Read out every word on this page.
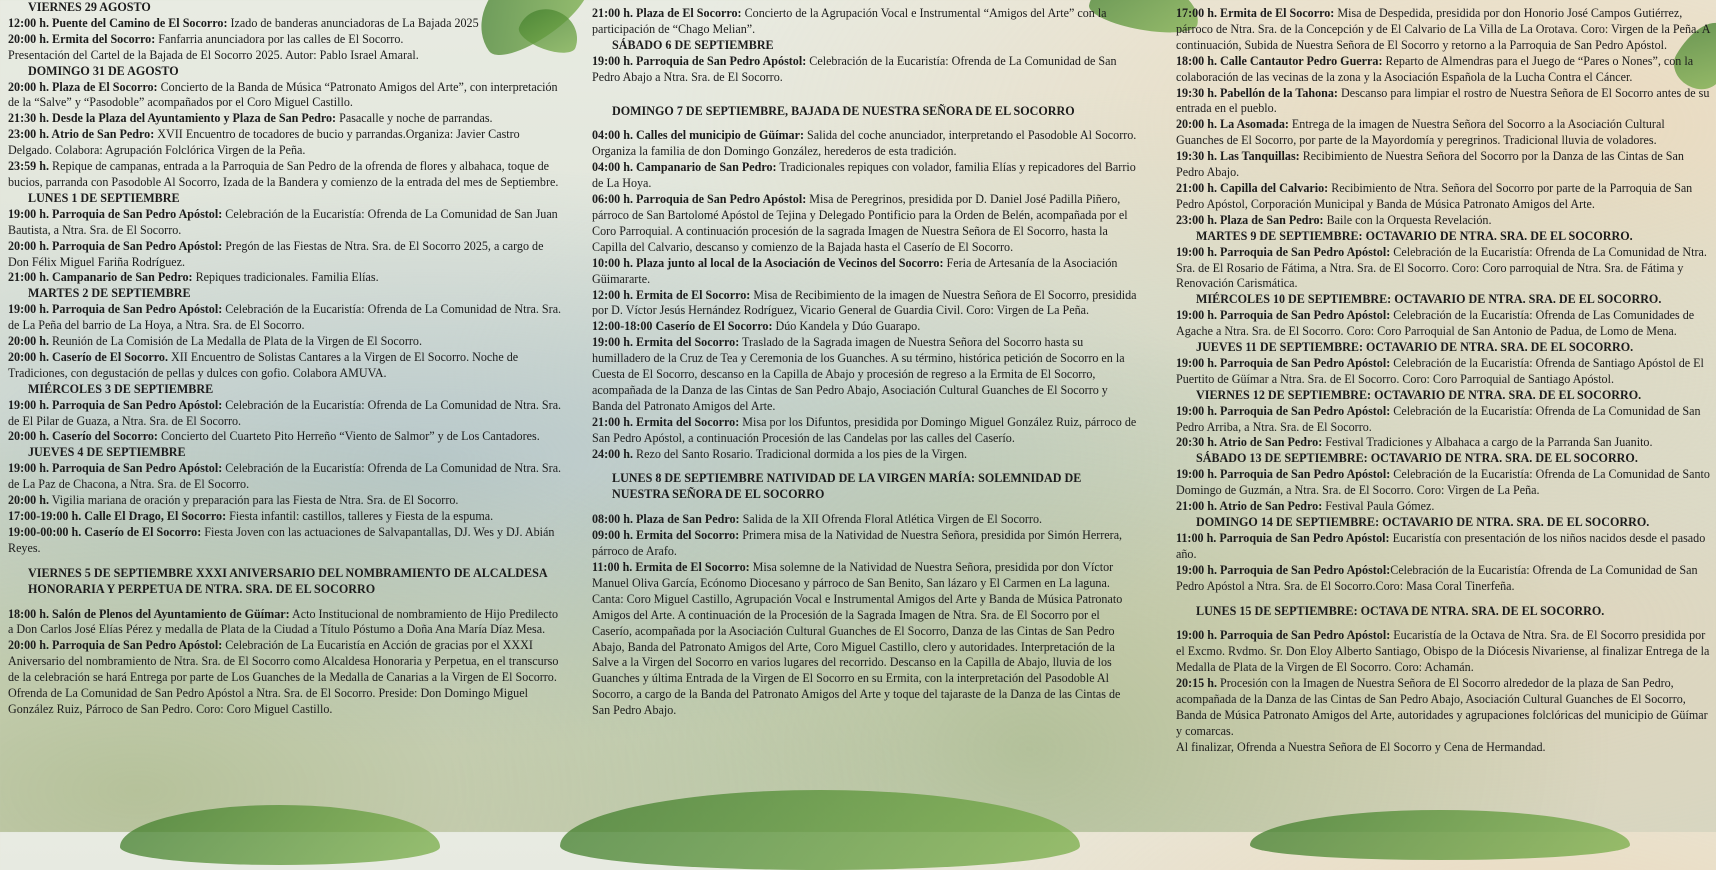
VIERNES 29 AGOSTO

12:00 h. Puente del Camino de El Socorro: Izado de banderas anunciadoras de La Bajada 2025

20:00 h. Ermita del Socorro: Fanfarria anunciadora por las calles de El Socorro.

Presentación del Cartel de la Bajada de El Socorro 2025. Autor: Pablo Israel Amaral.

DOMINGO 31 DE AGOSTO

20:00 h. Plaza de El Socorro: Concierto de la Banda de Música “Patronato Amigos del Arte”, con interpretación de la “Salve” y “Pasodoble” acompañados por el Coro Miguel Castillo.

21:30 h. Desde la Plaza del Ayuntamiento y Plaza de San Pedro: Pasacalle y noche de parrandas.

23:00 h. Atrio de San Pedro: XVII Encuentro de tocadores de bucio y parrandas.Organiza: Javier Castro Delgado. Colabora: Agrupación Folclórica Virgen de la Peña.

23:59 h. Repique de campanas, entrada a la Parroquia de San Pedro de la ofrenda de flores y albahaca, toque de bucios, parranda con Pasodoble Al Socorro, Izada de la Bandera y comienzo de la entrada del mes de Septiembre.

LUNES 1 DE SEPTIEMBRE

19:00 h. Parroquia de San Pedro Apóstol: Celebración de la Eucaristía: Ofrenda de La Comunidad de San Juan Bautista, a Ntra. Sra. de El Socorro.

20:00 h. Parroquia de San Pedro Apóstol: Pregón de las Fiestas de Ntra. Sra. de El Socorro 2025, a cargo de Don Félix Miguel Fariña Rodríguez.

21:00 h. Campanario de San Pedro: Repiques tradicionales. Familia Elías.

MARTES 2 DE SEPTIEMBRE

19:00 h. Parroquia de San Pedro Apóstol: Celebración de la Eucaristía: Ofrenda de La Comunidad de Ntra. Sra. de La Peña del barrio de La Hoya, a Ntra. Sra. de El Socorro.

20:00 h. Reunión de La Comisión de La Medalla de Plata de la Virgen de El Socorro.

20:00 h. Caserío de El Socorro. XII Encuentro de Solistas Cantares a la Virgen de El Socorro. Noche de Tradiciones, con degustación de pellas y dulces con gofio. Colabora AMUVA.

MIÉRCOLES 3 DE SEPTIEMBRE

19:00 h. Parroquia de San Pedro Apóstol: Celebración de la Eucaristía: Ofrenda de La Comunidad de Ntra. Sra. de El Pilar de Guaza, a Ntra. Sra. de El Socorro.

20:00 h. Caserío del Socorro: Concierto del Cuarteto Pito Herreño “Viento de Salmor” y de Los Cantadores.

JUEVES 4 DE SEPTIEMBRE

19:00 h. Parroquia de San Pedro Apóstol: Celebración de la Eucaristía: Ofrenda de La Comunidad de Ntra. Sra. de La Paz de Chacona, a Ntra. Sra. de El Socorro.

20:00 h. Vigilia mariana de oración y preparación para las Fiesta de Ntra. Sra. de El Socorro.

17:00-19:00 h. Calle El Drago, El Socorro: Fiesta infantil: castillos, talleres y Fiesta de la espuma.

19:00-00:00 h. Caserío de El Socorro: Fiesta Joven con las actuaciones de Salvapantallas, DJ. Wes y DJ. Abián Reyes.

VIERNES 5 DE SEPTIEMBRE XXXI ANIVERSARIO DEL NOMBRAMIENTO DE ALCALDESA HONORARIA Y PERPETUA DE NTRA. SRA. DE EL SOCORRO

18:00 h. Salón de Plenos del Ayuntamiento de Güímar: Acto Institucional de nombramiento de Hijo Predilecto a Don Carlos José Elías Pérez y medalla de Plata de la Ciudad a Título Póstumo a Doña Ana María Díaz Mesa.

20:00 h. Parroquia de San Pedro Apóstol: Celebración de La Eucaristía en Acción de gracias por el XXXI Aniversario del nombramiento de Ntra. Sra. de El Socorro como Alcaldesa Honoraria y Perpetua, en el transcurso de la celebración se hará Entrega por parte de Los Guanches de la Medalla de Canarias a la Virgen de El Socorro. Ofrenda de La Comunidad de San Pedro Apóstol a Ntra. Sra. de El Socorro. Preside: Don Domingo Miguel González Ruiz, Párroco de San Pedro. Coro: Coro Miguel Castillo.

21:00 h. Plaza de El Socorro: Concierto de la Agrupación Vocal e Instrumental “Amigos del Arte” con la participación de “Chago Melian”.

SÁBADO 6 DE SEPTIEMBRE

19:00 h. Parroquia de San Pedro Apóstol: Celebración de la Eucaristía: Ofrenda de La Comunidad de San Pedro Abajo a Ntra. Sra. de El Socorro.

DOMINGO 7 DE SEPTIEMBRE, BAJADA DE NUESTRA SEÑORA DE EL SOCORRO

04:00 h. Calles del municipio de Güímar: Salida del coche anunciador, interpretando el Pasodoble Al Socorro. Organiza la familia de don Domingo González, herederos de esta tradición.

04:00 h. Campanario de San Pedro: Tradicionales repiques con volador, familia Elías y repicadores del Barrio de La Hoya.

06:00 h. Parroquia de San Pedro Apóstol: Misa de Peregrinos, presidida por D. Daniel José Padilla Piñero, párroco de San Bartolomé Apóstol de Tejina y Delegado Pontificio para la Orden de Belén, acompañada por el Coro Parroquial. A continuación procesión de la sagrada Imagen de Nuestra Señora de El Socorro, hasta la Capilla del Calvario, descanso y comienzo de la Bajada hasta el Caserío de El Socorro.

10:00 h. Plaza junto al local de la Asociación de Vecinos del Socorro: Feria de Artesanía de la Asociación Güimararte.

12:00 h. Ermita de El Socorro: Misa de Recibimiento de la imagen de Nuestra Señora de El Socorro, presidida por D. Víctor Jesús Hernández Rodríguez, Vicario General de Guardia Civil. Coro: Virgen de La Peña.

12:00-18:00 Caserío de El Socorro: Dúo Kandela y Dúo Guarapo.

19:00 h. Ermita del Socorro: Traslado de la Sagrada imagen de Nuestra Señora del Socorro hasta su humilladero de la Cruz de Tea y Ceremonia de los Guanches. A su término, histórica petición de Socorro en la Cuesta de El Socorro, descanso en la Capilla de Abajo y procesión de regreso a la Ermita de El Socorro, acompañada de la Danza de las Cintas de San Pedro Abajo, Asociación Cultural Guanches de El Socorro y Banda del Patronato Amigos del Arte.

21:00 h. Ermita del Socorro: Misa por los Difuntos, presidida por Domingo Miguel González Ruiz, párroco de San Pedro Apóstol, a continuación Procesión de las Candelas por las calles del Caserío.

24:00 h. Rezo del Santo Rosario. Tradicional dormida a los pies de la Virgen.

LUNES 8 DE SEPTIEMBRE NATIVIDAD DE LA VIRGEN MARÍA: SOLEMNIDAD DE NUESTRA SEÑORA DE EL SOCORRO

08:00 h. Plaza de San Pedro: Salida de la XII Ofrenda Floral Atlética Virgen de El Socorro.

09:00 h. Ermita del Socorro: Primera misa de la Natividad de Nuestra Señora, presidida por Simón Herrera, párroco de Arafo.

11:00 h. Ermita de El Socorro: Misa solemne de la Natividad de Nuestra Señora, presidida por don Víctor Manuel Oliva García, Ecónomo Diocesano y párroco de San Benito, San lázaro y El Carmen en La laguna.

Canta: Coro Miguel Castillo, Agrupación Vocal e Instrumental Amigos del Arte y Banda de Música Patronato Amigos del Arte. A continuación de la Procesión de la Sagrada Imagen de Ntra. Sra. de El Socorro por el Caserío, acompañada por la Asociación Cultural Guanches de El Socorro, Danza de las Cintas de San Pedro Abajo, Banda del Patronato Amigos del Arte, Coro Miguel Castillo, clero y autoridades. Interpretación de la Salve a la Virgen del Socorro en varios lugares del recorrido. Descanso en la Capilla de Abajo, lluvia de los Guanches y última Entrada de la Virgen de El Socorro en su Ermita, con la interpretación del Pasodoble Al Socorro, a cargo de la Banda del Patronato Amigos del Arte y toque del tajaraste de la Danza de las Cintas de San Pedro Abajo.

17:00 h. Ermita de El Socorro: Misa de Despedida, presidida por don Honorio José Campos Gutiérrez, párroco de Ntra. Sra. de la Concepción y de El Calvario de La Villa de La Orotava. Coro: Virgen de la Peña. A continuación, Subida de Nuestra Señora de El Socorro y retorno a la Parroquia de San Pedro Apóstol.

18:00 h. Calle Cantautor Pedro Guerra: Reparto de Almendras para el Juego de “Pares o Nones”, con la colaboración de las vecinas de la zona y la Asociación Española de la Lucha Contra el Cáncer.

19:30 h. Pabellón de la Tahona: Descanso para limpiar el rostro de Nuestra Señora de El Socorro antes de su entrada en el pueblo.

20:00 h. La Asomada: Entrega de la imagen de Nuestra Señora del Socorro a la Asociación Cultural Guanches de El Socorro, por parte de la Mayordomía y peregrinos. Tradicional lluvia de voladores.

19:30 h. Las Tanquillas: Recibimiento de Nuestra Señora del Socorro por la Danza de las Cintas de San Pedro Abajo.

21:00 h. Capilla del Calvario: Recibimiento de Ntra. Señora del Socorro por parte de la Parroquia de San Pedro Apóstol, Corporación Municipal y Banda de Música Patronato Amigos del Arte.

23:00 h. Plaza de San Pedro: Baile con la Orquesta Revelación.

MARTES 9 DE SEPTIEMBRE: OCTAVARIO DE NTRA. SRA. DE EL SOCORRO.

19:00 h. Parroquia de San Pedro Apóstol: Celebración de la Eucaristía: Ofrenda de La Comunidad de Ntra. Sra. de El Rosario de Fátima, a Ntra. Sra. de El Socorro. Coro: Coro parroquial de Ntra. Sra. de Fátima y Renovación Carismática.

MIÉRCOLES 10 DE SEPTIEMBRE: OCTAVARIO DE NTRA. SRA. DE EL SOCORRO.

19:00 h. Parroquia de San Pedro Apóstol: Celebración de la Eucaristía: Ofrenda de Las Comunidades de Agache a Ntra. Sra. de El Socorro. Coro: Coro Parroquial de San Antonio de Padua, de Lomo de Mena.

JUEVES 11 DE SEPTIEMBRE: OCTAVARIO DE NTRA. SRA. DE EL SOCORRO.

19:00 h. Parroquia de San Pedro Apóstol: Celebración de la Eucaristía: Ofrenda de Santiago Apóstol de El Puertito de Güímar a Ntra. Sra. de El Socorro. Coro: Coro Parroquial de Santiago Apóstol.

VIERNES 12 DE SEPTIEMBRE: OCTAVARIO DE NTRA. SRA. DE EL SOCORRO.

19:00 h. Parroquia de San Pedro Apóstol: Celebración de la Eucaristía: Ofrenda de La Comunidad de San Pedro Arriba, a Ntra. Sra. de El Socorro.

20:30 h. Atrio de San Pedro: Festival Tradiciones y Albahaca a cargo de la Parranda San Juanito.

SÁBADO 13 DE SEPTIEMBRE: OCTAVARIO DE NTRA. SRA. DE EL SOCORRO.

19:00 h. Parroquia de San Pedro Apóstol: Celebración de la Eucaristía: Ofrenda de La Comunidad de Santo Domingo de Guzmán, a Ntra. Sra. de El Socorro. Coro: Virgen de La Peña.

21:00 h. Atrio de San Pedro: Festival Paula Gómez.

DOMINGO 14 DE SEPTIEMBRE: OCTAVARIO DE NTRA. SRA. DE EL SOCORRO.

11:00 h. Parroquia de San Pedro Apóstol: Eucaristía con presentación de los niños nacidos desde el pasado año.

19:00 h. Parroquia de San Pedro Apóstol:Celebración de la Eucaristía: Ofrenda de La Comunidad de San Pedro Apóstol a Ntra. Sra. de El Socorro.Coro: Masa Coral Tinerfeña.

LUNES 15 DE SEPTIEMBRE: OCTAVA DE NTRA. SRA. DE EL SOCORRO.

19:00 h. Parroquia de San Pedro Apóstol: Eucaristía de la Octava de Ntra. Sra. de El Socorro presidida por el Excmo. Rvdmo. Sr. Don Eloy Alberto Santiago, Obispo de la Diócesis Nivariense, al finalizar Entrega de la Medalla de Plata de la Virgen de El Socorro. Coro: Achamán.

20:15 h. Procesión con la Imagen de Nuestra Señora de El Socorro alrededor de la plaza de San Pedro, acompañada de la Danza de las Cintas de San Pedro Abajo, Asociación Cultural Guanches de El Socorro, Banda de Música Patronato Amigos del Arte, autoridades y agrupaciones folclóricas del municipio de Güímar y comarcas.

Al finalizar, Ofrenda a Nuestra Señora de El Socorro y Cena de Hermandad.
